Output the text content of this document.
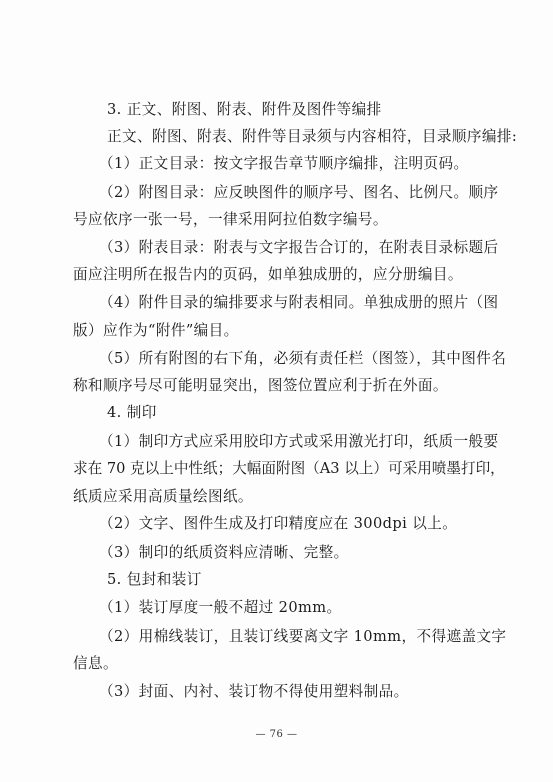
3. 正文、附图、附表、附件及图件等编排
正文、附图、附表、附件等目录须与内容相符，目录顺序编排:
（1）正文目录：按文字报告章节顺序编排，注明页码。
（2）附图目录：应反映图件的顺序号、图名、比例尺。顺序
号应依序一张一号，一律采用阿拉伯数字编号。
（3）附表目录：附表与文字报告合订的，在附表目录标题后
面应注明所在报告内的页码，如单独成册的，应分册编目。
（4）附件目录的编排要求与附表相同。单独成册的照片（图
版）应作为“附件”编目。
（5）所有附图的右下角，必须有责任栏（图签），其中图件名
称和顺序号尽可能明显突出，图签位置应利于折在外面。
4. 制印
（1）制印方式应采用胶印方式或采用激光打印，纸质一般要
求在 70 克以上中性纸；大幅面附图（A3 以上）可采用喷墨打印，
纸质应采用高质量绘图纸。
（2）文字、图件生成及打印精度应在 300dpi 以上。
（3）制印的纸质资料应清晰、完整。
5. 包封和装订
（1）装订厚度一般不超过 20mm。
（2）用棉线装订，且装订线要离文字 10mm，不得遮盖文字
信息。
（3）封面、内衬、装订物不得使用塑料制品。
— 76 —
